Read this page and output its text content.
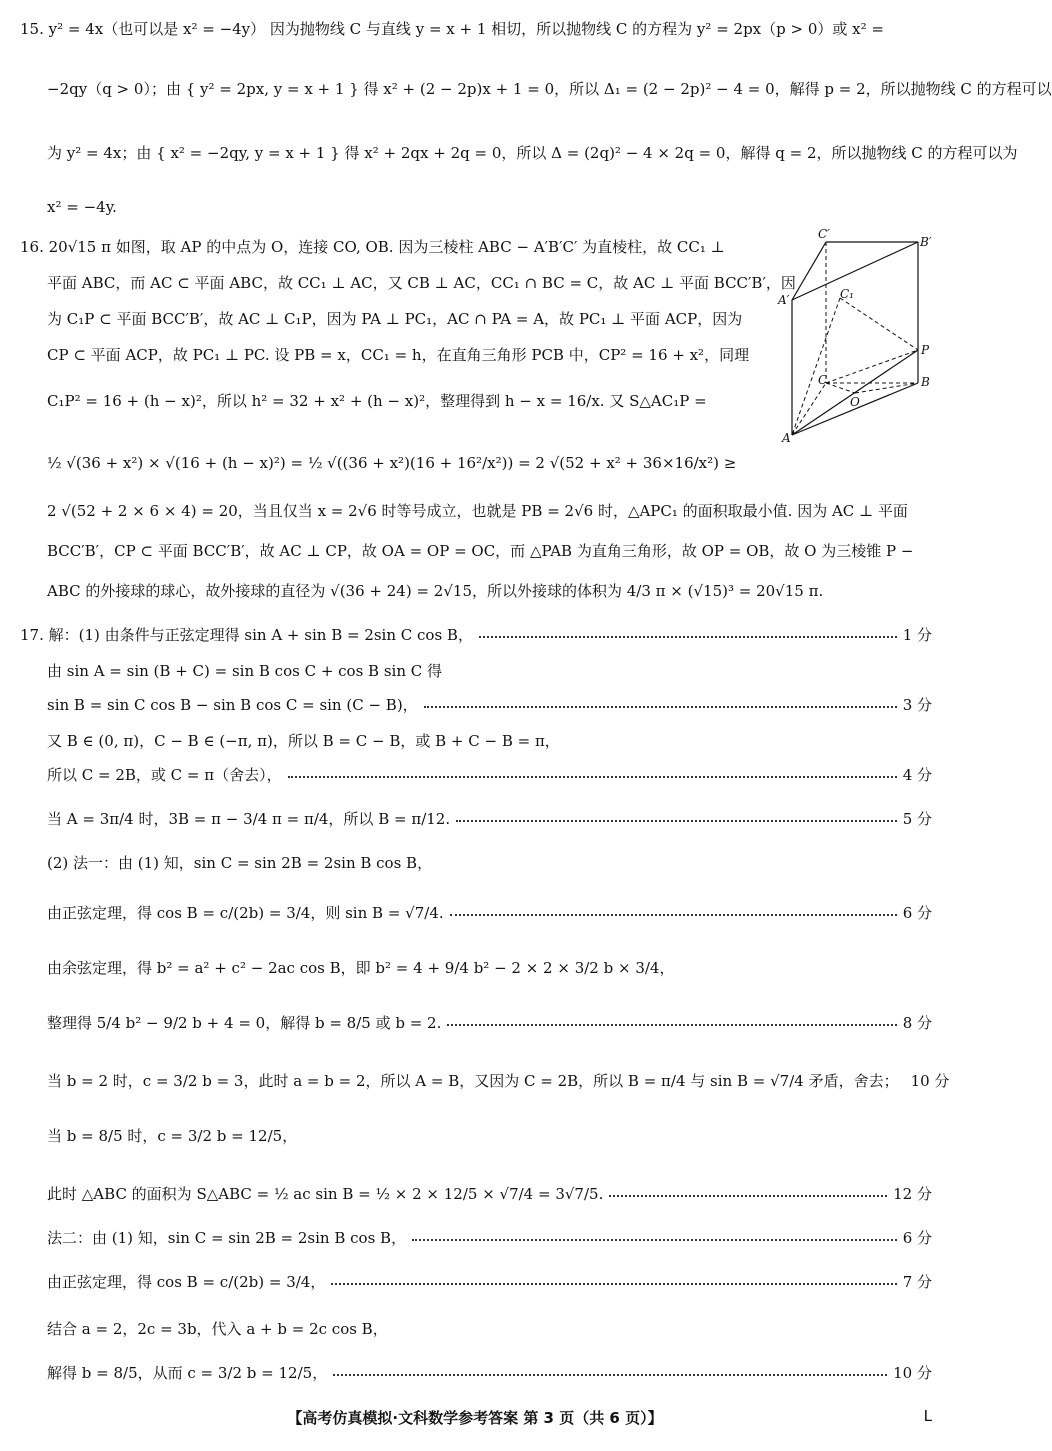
15. y² = 4x（也可以是 x² = −4y） 因为抛物线 C 与直线 y = x + 1 相切，所以抛物线 C 的方程为 y² = 2px（p > 0）或 x² =
−2qy（q > 0）；由 { y² = 2px, y = x + 1 } 得 x² + (2 − 2p)x + 1 = 0，所以 Δ₁ = (2 − 2p)² − 4 = 0，解得 p = 2，所以抛物线 C 的方程可以
为 y² = 4x；由 { x² = −2qy, y = x + 1 } 得 x² + 2qx + 2q = 0，所以 Δ = (2q)² − 4 × 2q = 0，解得 q = 2，所以抛物线 C 的方程可以为
x² = −4y.
16. 20√15 π 如图，取 AP 的中点为 O，连接 CO, OB. 因为三棱柱 ABC − A′B′C′ 为直棱柱，故 CC₁ ⊥
平面 ABC，而 AC ⊂ 平面 ABC，故 CC₁ ⊥ AC，又 CB ⊥ AC，CC₁ ∩ BC = C，故 AC ⊥ 平面 BCC′B′，因
为 C₁P ⊂ 平面 BCC′B′，故 AC ⊥ C₁P，因为 PA ⊥ PC₁，AC ∩ PA = A，故 PC₁ ⊥ 平面 ACP，因为
CP ⊂ 平面 ACP，故 PC₁ ⊥ PC. 设 PB = x，CC₁ = h，在直角三角形 PCB 中，CP² = 16 + x²，同理
C₁P² = 16 + (h − x)²，所以 h² = 32 + x² + (h − x)²，整理得到 h − x = 16/x. 又 S△AC₁P =
½ √(36 + x²) × √(16 + (h − x)²) = ½ √((36 + x²)(16 + 16²/x²)) = 2 √(52 + x² + 36×16/x²) ≥
2 √(52 + 2 × 6 × 4) = 20，当且仅当 x = 2√6 时等号成立，也就是 PB = 2√6 时，△APC₁ 的面积取最小值. 因为 AC ⊥ 平面
BCC′B′，CP ⊂ 平面 BCC′B′，故 AC ⊥ CP，故 OA = OP = OC，而 △PAB 为直角三角形，故 OP = OB，故 O 为三棱锥 P −
ABC 的外接球的球心，故外接球的直径为 √(36 + 24) = 2√15，所以外接球的体积为 4/3 π × (√15)³ = 20√15 π.
C′
B′
A′	C₁
P
C	B
O
A
17. 解：(1) 由条件与正弦定理得 sin A + sin B = 2sin C cos B，	1 分
由 sin A = sin (B + C) = sin B cos C + cos B sin C 得
sin B = sin C cos B − sin B cos C = sin (C − B)，	3 分
又 B ∈ (0, π)，C − B ∈ (−π, π)，所以 B = C − B，或 B + C − B = π，
所以 C = 2B，或 C = π（舍去），	4 分
当 A = 3π/4 时，3B = π − 3/4 π = π/4，所以 B = π/12.	5 分
(2) 法一：由 (1) 知，sin C = sin 2B = 2sin B cos B，
由正弦定理，得 cos B = c/(2b) = 3/4，则 sin B = √7/4.	6 分
由余弦定理，得 b² = a² + c² − 2ac cos B，即 b² = 4 + 9/4 b² − 2 × 2 × 3/2 b × 3/4，
整理得 5/4 b² − 9/2 b + 4 = 0，解得 b = 8/5 或 b = 2.	8 分
当 b = 2 时，c = 3/2 b = 3，此时 a = b = 2，所以 A = B，又因为 C = 2B，所以 B = π/4 与 sin B = √7/4 矛盾，舍去； 10 分
当 b = 8/5 时，c = 3/2 b = 12/5，
此时 △ABC 的面积为 S△ABC = ½ ac sin B = ½ × 2 × 12/5 × √7/4 = 3√7/5.	12 分
法二：由 (1) 知，sin C = sin 2B = 2sin B cos B，	6 分
由正弦定理，得 cos B = c/(2b) = 3/4，	7 分
结合 a = 2，2c = 3b，代入 a + b = 2c cos B，
解得 b = 8/5，从而 c = 3/2 b = 12/5，	10 分
【高考仿真模拟·文科数学参考答案 第 3 页（共 6 页）】	L
